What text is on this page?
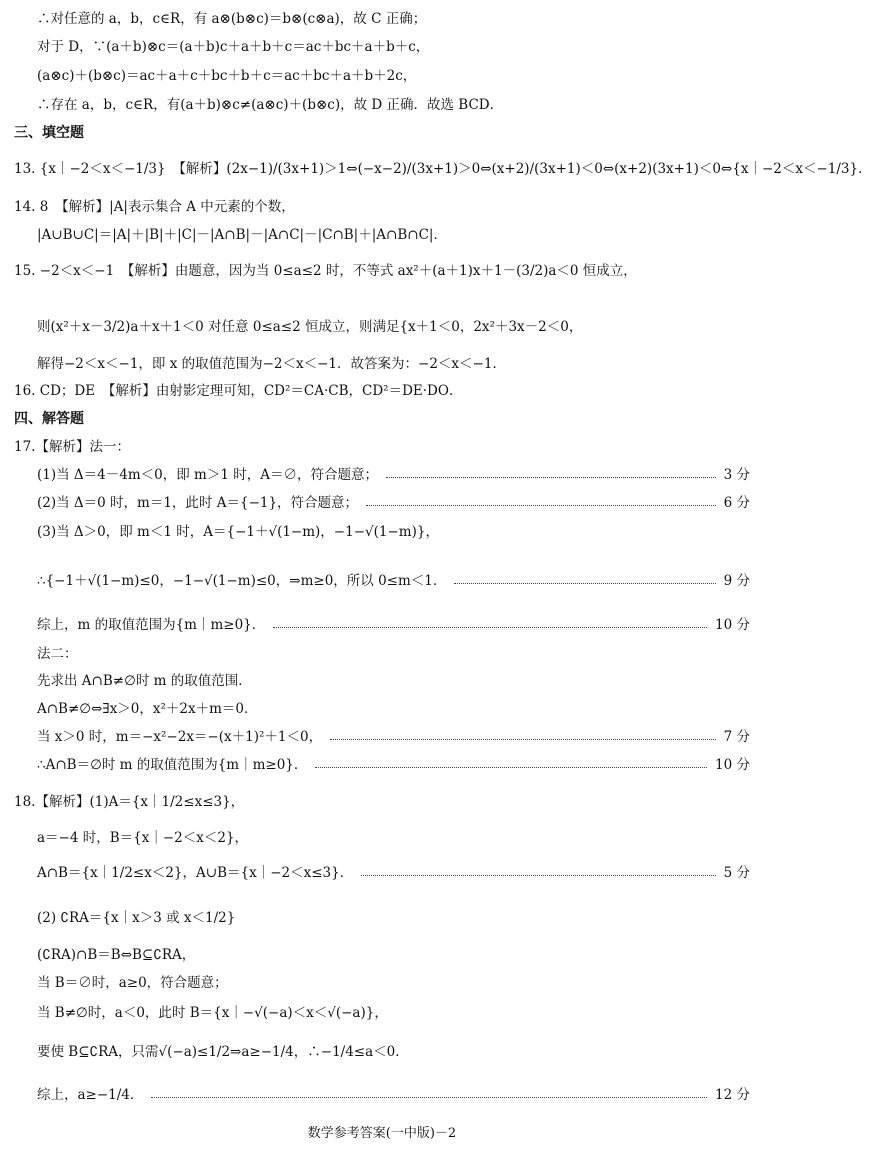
∴对任意的 a，b，c∈R，有 a⊗(b⊗c)＝b⊗(c⊗a)，故 C 正确；
对于 D，∵(a＋b)⊗c＝(a＋b)c＋a＋b＋c＝ac＋bc＋a＋b＋c，
(a⊗c)＋(b⊗c)＝ac＋a＋c＋bc＋b＋c＝ac＋bc＋a＋b＋2c，
∴存在 a，b，c∈R，有(a＋b)⊗c≠(a⊗c)＋(b⊗c)，故 D 正确．故选 BCD．
三、填空题
13. {x｜−2＜x＜−1/3}　【解析】(2x−1)/(3x+1)＞1⇔(−x−2)/(3x+1)＞0⇔(x+2)/(3x+1)＜0⇔(x+2)(3x+1)＜0⇔{x｜−2＜x＜−1/3}．
14. 8　【解析】|A|表示集合 A 中元素的个数，
|A∪B∪C|＝|A|＋|B|＋|C|－|A∩B|－|A∩C|－|C∩B|＋|A∩B∩C|．
15. −2＜x＜−1　【解析】由题意，因为当 0≤a≤2 时，不等式 ax²＋(a＋1)x＋1－(3/2)a＜0 恒成立，
则(x²＋x－3/2)a＋x＋1＜0 对任意 0≤a≤2 恒成立，则满足{x＋1＜0，2x²＋3x－2＜0，
解得−2＜x＜−1，即 x 的取值范围为−2＜x＜−1．故答案为：−2＜x＜−1．
16. CD；DE　【解析】由射影定理可知，CD²＝CA·CB，CD²＝DE·DO．
四、解答题
17.【解析】法一：
(1)当 Δ＝4－4m＜0，即 m＞1 时，A＝∅，符合题意；	3 分
(2)当 Δ＝0 时，m＝1，此时 A＝{−1}，符合题意；	6 分
(3)当 Δ＞0，即 m＜1 时，A＝{−1＋√(1−m)，−1−√(1−m)}，
∴{−1＋√(1−m)≤0，−1−√(1−m)≤0，⇒m≥0，所以 0≤m＜1．	9 分
综上，m 的取值范围为{m｜m≥0}．	10 分
法二：
先求出 A∩B≠∅时 m 的取值范围．
A∩B≠∅⇔∃x＞0，x²＋2x＋m＝0．
当 x＞0 时，m＝−x²−2x＝−(x＋1)²＋1＜0，	7 分
∴A∩B＝∅时 m 的取值范围为{m｜m≥0}．	10 分
18.【解析】(1)A＝{x｜1/2≤x≤3}，
a＝−4 时，B＝{x｜−2＜x＜2}，
A∩B＝{x｜1/2≤x＜2}，A∪B＝{x｜−2＜x≤3}．	5 分
(2) ∁RA＝{x｜x＞3 或 x＜1/2}
(∁RA)∩B＝B⇔B⊆∁RA，
当 B＝∅时，a≥0，符合题意；
当 B≠∅时，a＜0，此时 B＝{x｜−√(−a)＜x＜√(−a)}，
要使 B⊆∁RA，只需√(−a)≤1/2⇒a≥−1/4，∴−1/4≤a＜0．
综上，a≥−1/4．	12 分
数学参考答案(一中版)－2
